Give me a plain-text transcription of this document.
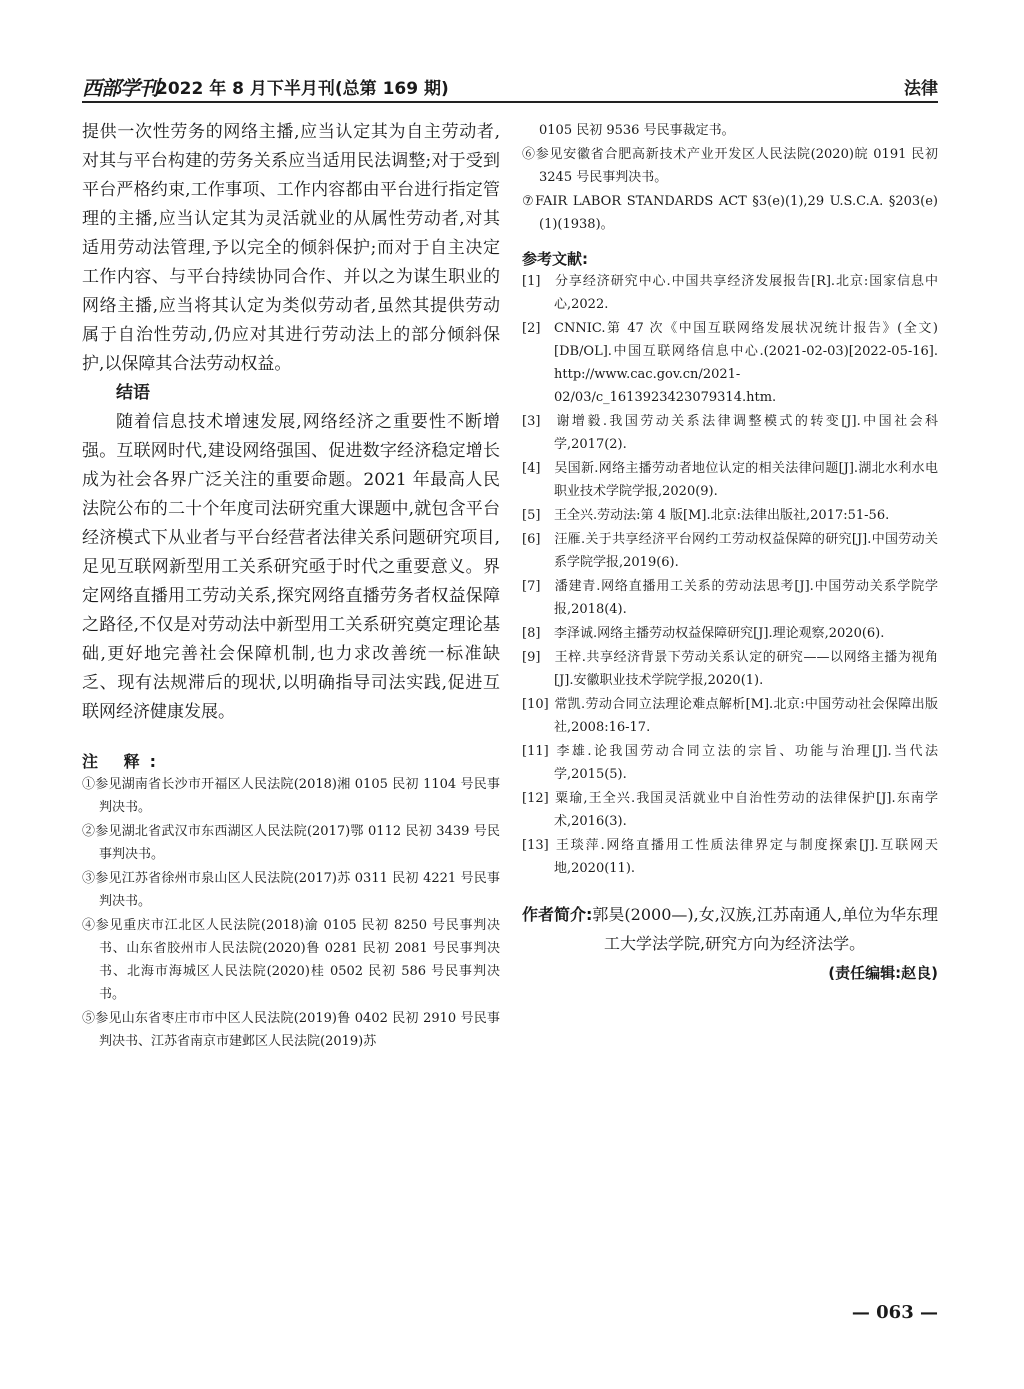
西部学刊
2022 年 8 月下半月刊(总第 169 期)	法律

提供一次性劳务的网络主播,应当认定其为自主劳动者,对其与平台构建的劳务关系应当适用民法调整;对于受到平台严格约束,工作事项、工作内容都由平台进行指定管理的主播,应当认定其为灵活就业的从属性劳动者,对其适用劳动法管理,予以完全的倾斜保护;而对于自主决定工作内容、与平台持续协同合作、并以之为谋生职业的网络主播,应当将其认定为类似劳动者,虽然其提供劳动属于自治性劳动,仍应对其进行劳动法上的部分倾斜保护,以保障其合法劳动权益。

结语

随着信息技术增速发展,网络经济之重要性不断增强。互联网时代,建设网络强国、促进数字经济稳定增长成为社会各界广泛关注的重要命题。2021 年最高人民法院公布的二十个年度司法研究重大课题中,就包含平台经济模式下从业者与平台经营者法律关系问题研究项目,足见互联网新型用工关系研究亟于时代之重要意义。界定网络直播用工劳动关系,探究网络直播劳务者权益保障之路径,不仅是对劳动法中新型用工关系研究奠定理论基础,更好地完善社会保障机制,也力求改善统一标准缺乏、现有法规滞后的现状,以明确指导司法实践,促进互联网经济健康发展。

注 释:
①参见湖南省长沙市开福区人民法院(2018)湘 0105 民初 1104 号民事判决书。
②参见湖北省武汉市东西湖区人民法院(2017)鄂 0112 民初 3439 号民事判决书。
③参见江苏省徐州市泉山区人民法院(2017)苏 0311 民初 4221 号民事判决书。
④参见重庆市江北区人民法院(2018)渝 0105 民初 8250 号民事判决书、山东省胶州市人民法院(2020)鲁 0281 民初 2081 号民事判决书、北海市海城区人民法院(2020)桂 0502 民初 586 号民事判决书。
⑤参见山东省枣庄市市中区人民法院(2019)鲁 0402 民初 2910 号民事判决书、江苏省南京市建邺区人民法院(2019)苏
0105 民初 9536 号民事裁定书。
⑥参见安徽省合肥高新技术产业开发区人民法院(2020)皖 0191 民初 3245 号民事判决书。
⑦FAIR LABOR STANDARDS ACT §3(e)(1),29 U.S.C.A. §203(e)(1)(1938)。
参考文献:
[1] 分享经济研究中心.中国共享经济发展报告[R].北京:国家信息中心,2022.
[2] CNNIC.第 47 次《中国互联网络发展状况统计报告》(全文)[DB/OL].中国互联网络信息中心.(2021-02-03)[2022-05-16]. http://www.cac.gov.cn/2021-02/03/c_1613923423079314.htm.
[3] 谢增毅.我国劳动关系法律调整模式的转变[J].中国社会科学,2017(2).
[4] 吴国新.网络主播劳动者地位认定的相关法律问题[J].湖北水利水电职业技术学院学报,2020(9).
[5] 王全兴.劳动法:第 4 版[M].北京:法律出版社,2017:51-56.
[6] 汪雁.关于共享经济平台网约工劳动权益保障的研究[J].中国劳动关系学院学报,2019(6).
[7] 潘建青.网络直播用工关系的劳动法思考[J].中国劳动关系学院学报,2018(4).
[8] 李泽诚.网络主播劳动权益保障研究[J].理论观察,2020(6).
[9] 王梓.共享经济背景下劳动关系认定的研究——以网络主播为视角[J].安徽职业技术学院学报,2020(1).
[10] 常凯.劳动合同立法理论难点解析[M].北京:中国劳动社会保障出版社,2008:16-17.
[11] 李雄.论我国劳动合同立法的宗旨、功能与治理[J].当代法学,2015(5).
[12] 粟瑜,王全兴.我国灵活就业中自治性劳动的法律保护[J].东南学术,2016(3).
[13] 王琰萍.网络直播用工性质法律界定与制度探索[J].互联网天地,2020(11).
作者简介:郭昊(2000—),女,汉族,江苏南通人,单位为华东理工大学法学院,研究方向为经济法学。
(责任编辑:赵良)
— 063 —
